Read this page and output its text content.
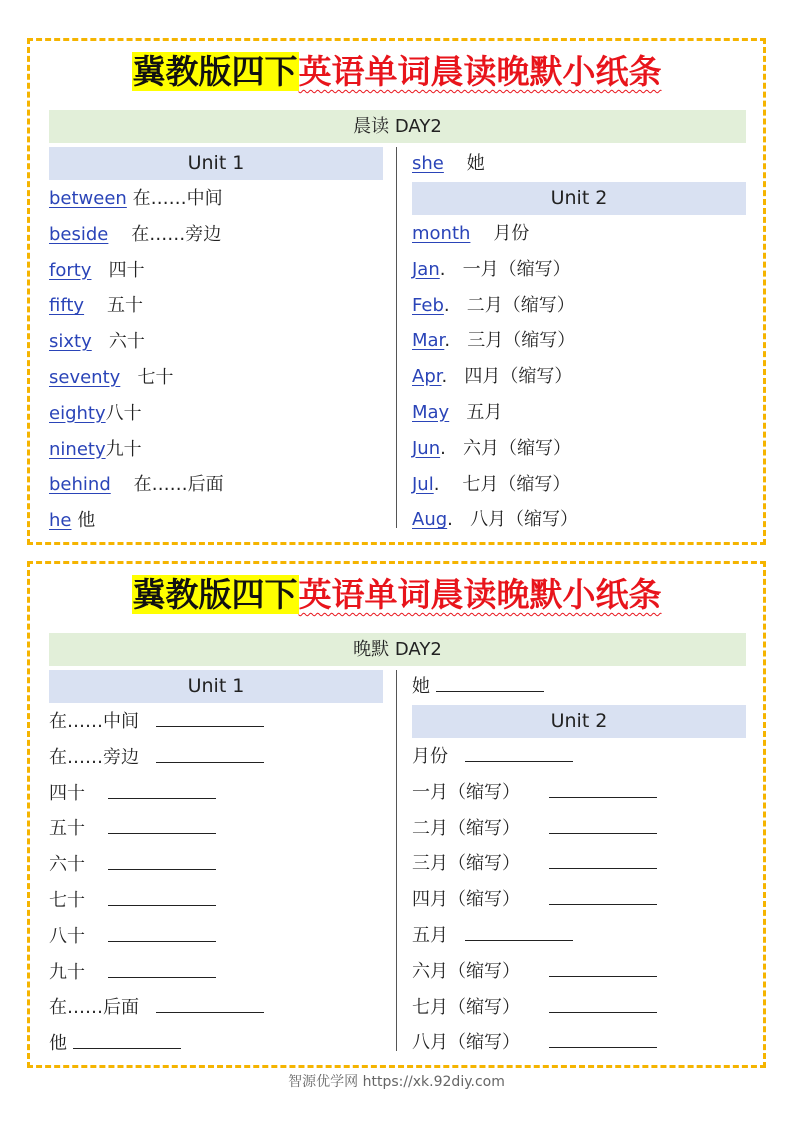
冀教版四下英语单词晨读晚默小纸条
晨读 DAY2
Unit 1
between 在……中间
beside 在……旁边
forty 四十
fifty 五十
sixty 六十
seventy 七十
eighty八十
ninety九十
behind 在……后面
he 他
she 她
Unit 2
month 月份
Jan. 一月（缩写）
Feb. 二月（缩写）
Mar. 三月（缩写）
Apr. 四月（缩写）
May 五月
Jun. 六月（缩写）
Jul. 七月（缩写）
Aug. 八月（缩写）
冀教版四下英语单词晨读晚默小纸条
晚默 DAY2
Unit 1
在……中间
在……旁边
四十
五十
六十
七十
八十
九十
在……后面
他
她
Unit 2
月份
一月（缩写）
二月（缩写）
三月（缩写）
四月（缩写）
五月
六月（缩写）
七月（缩写）
八月（缩写）
智源优学网 https://xk.92diy.com
